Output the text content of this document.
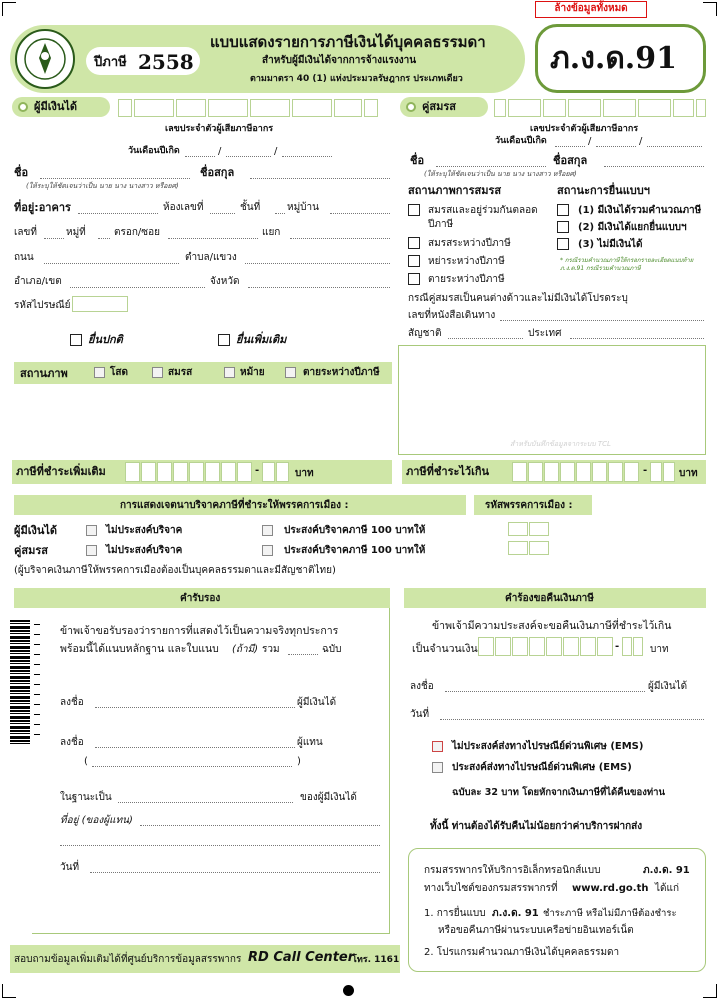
ล้างข้อมูลทั้งหมด
ปีภาษี 2558
แบบแสดงรายการภาษีเงินได้บุคคลธรรมดา
สำหรับผู้มีเงินได้จากการจ้างแรงงาน
ตามมาตรา 40 (1) แห่งประมวลรัษฎากร ประเภทเดียว
ภ.ง.ด.91
ผู้มีเงินได้
เลขประจำตัวผู้เสียภาษีอากร
วันเดือนปีเกิด	/	/
ชื่อ	ชื่อสกุล
(ให้ระบุให้ชัดเจนว่าเป็น นาย นาง นางสาว หรือยศ)
ที่อยู่:อาคาร	ห้องเลขที่	ชั้นที่	หมู่บ้าน
เลขที่	หมู่ที่	ตรอก/ซอย	แยก
ถนน	ตำบล/แขวง
อำเภอ/เขต	จังหวัด
รหัสไปรษณีย์
ยื่นปกติ	ยื่นเพิ่มเติม
สถานภาพ	โสด	สมรส	หม้าย	ตายระหว่างปีภาษี
คู่สมรส
เลขประจำตัวผู้เสียภาษีอากร
วันเดือนปีเกิด	/	/
ชื่อ	ชื่อสกุล
(ให้ระบุให้ชัดเจนว่าเป็น นาย นาง นางสาว หรือยศ)
สถานภาพการสมรส	สถานะการยื่นแบบฯ
สมรสและอยู่ร่วมกันตลอดปีภาษี
สมรสระหว่างปีภาษี
หย่าระหว่างปีภาษี
ตายระหว่างปีภาษี
(1) มีเงินได้รวมคำนวณภาษี
(2) มีเงินได้แยกยื่นแบบฯ
(3) ไม่มีเงินได้
* กรณีรวมคำนวณภาษีให้กรอกรายละเอียดแนบท้าย ภ.ง.ด.91 กรณีรวมคำนวณภาษี
กรณีคู่สมรสเป็นคนต่างด้าวและไม่มีเงินได้โปรดระบุ
เลขที่หนังสือเดินทาง
สัญชาติ	ประเทศ
สำหรับบันทึกข้อมูลจากระบบ TCL
ภาษีที่ชำระเพิ่มเติม	-	บาท	ภาษีที่ชำระไว้เกิน	-	บาท
การแสดงเจตนาบริจาคภาษีที่ชำระให้พรรคการเมือง :	รหัสพรรคการเมือง :
ผู้มีเงินได้	ไม่ประสงค์บริจาค	ประสงค์บริจาคภาษี 100 บาทให้
คู่สมรส	ไม่ประสงค์บริจาค	ประสงค์บริจาคภาษี 100 บาทให้
(ผู้บริจาคเงินภาษีให้พรรคการเมืองต้องเป็นบุคคลธรรมดาและมีสัญชาติไทย)
คำรับรอง
ข้าพเจ้าขอรับรองว่ารายการที่แสดงไว้เป็นความจริงทุกประการ
พร้อมนี้ได้แนบหลักฐาน และใบแนบ (ถ้ามี) รวม	ฉบับ
ลงชื่อ	ผู้มีเงินได้
ลงชื่อ	ผู้แทน
(	)
ในฐานะเป็น	ของผู้มีเงินได้
ที่อยู่ (ของผู้แทน)
วันที่
คำร้องขอคืนเงินภาษี
ข้าพเจ้ามีความประสงค์จะขอคืนเงินภาษีที่ชำระไว้เกิน
เป็นจำนวนเงิน	-	บาท
ลงชื่อ	ผู้มีเงินได้
วันที่
ไม่ประสงค์ส่งทางไปรษณีย์ด่วนพิเศษ (EMS)
ประสงค์ส่งทางไปรษณีย์ด่วนพิเศษ (EMS)
ฉบับละ 32 บาท โดยหักจากเงินภาษีที่ได้คืนของท่าน
ทั้งนี้ ท่านต้องได้รับคืนไม่น้อยกว่าค่าบริการฝากส่ง
กรมสรรพากรให้บริการอิเล็กทรอนิกส์แบบ	ภ.ง.ด. 91
ทางเว็บไซต์ของกรมสรรพากรที่ www.rd.go.th ได้แก่
1. การยื่นแบบ ภ.ง.ด. 91 ชำระภาษี หรือไม่มีภาษีต้องชำระ
หรือขอคืนภาษีผ่านระบบเครือข่ายอินเทอร์เน็ต
2. โปรแกรมคำนวณภาษีเงินได้บุคคลธรรมดา
สอบถามข้อมูลเพิ่มเติมได้ที่ศูนย์บริการข้อมูลสรรพากร RD Call Center
โทร. 1161
